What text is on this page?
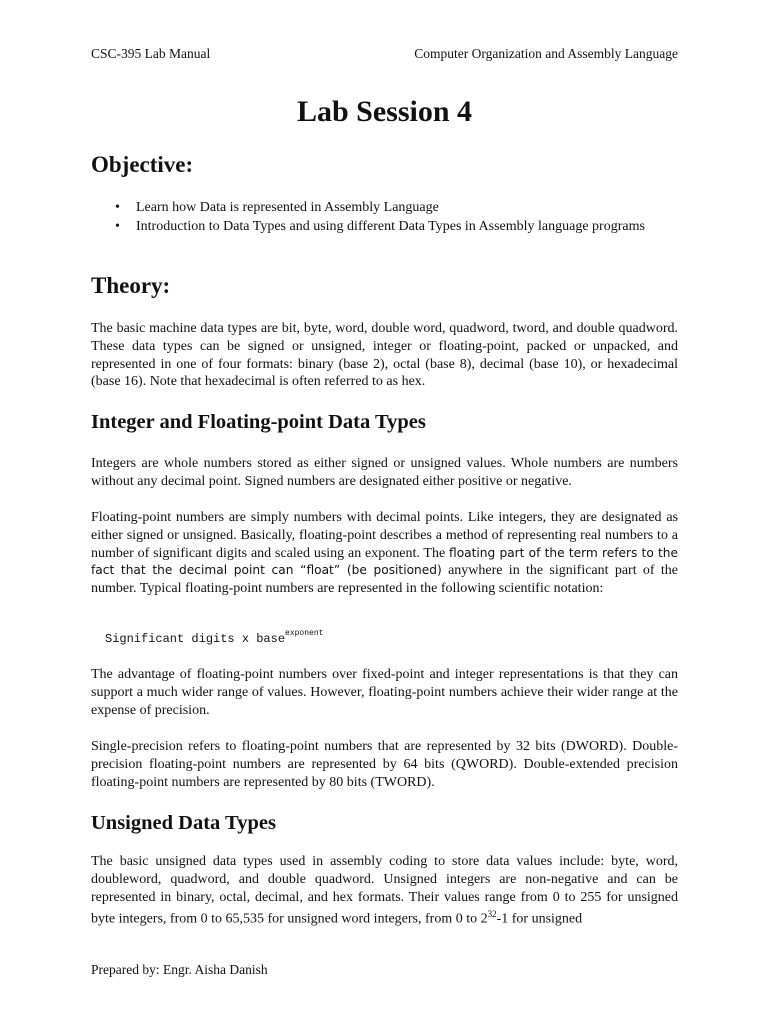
CSC-395 Lab Manual	Computer Organization and Assembly Language
Lab Session 4
Objective:
• Learn how Data is represented in Assembly Language
• Introduction to Data Types and using different Data Types in Assembly language programs
Theory:

The basic machine data types are bit, byte, word, double word, quadword, tword, and double quadword. These data types can be signed or unsigned, integer or floating-point, packed or unpacked, and represented in one of four formats: binary (base 2), octal (base 8), decimal (base 10), or hexadecimal (base 16). Note that hexadecimal is often referred to as hex.

Integer and Floating-point Data Types

Integers are whole numbers stored as either signed or unsigned values. Whole numbers are numbers without any decimal point. Signed numbers are designated either positive or negative.

Floating-point numbers are simply numbers with decimal points. Like integers, they are designated as either signed or unsigned. Basically, floating-point describes a method of representing real numbers to a number of significant digits and scaled using an exponent. The floating part of the term refers to the fact that the decimal point can “float” (be positioned) anywhere in the significant part of the number. Typical floating-point numbers are represented in the following scientific notation:

Significant digits x base$^{exponent}$

The advantage of floating-point numbers over fixed-point and integer representations is that they can support a much wider range of values. However, floating-point numbers achieve their wider range at the expense of precision.

Single-precision refers to floating-point numbers that are represented by 32 bits (DWORD). Double-precision floating-point numbers are represented by 64 bits (QWORD). Double-extended precision floating-point numbers are represented by 80 bits (TWORD).

Unsigned Data Types

The basic unsigned data types used in assembly coding to store data values include: byte, word, doubleword, quadword, and double quadword. Unsigned integers are non-negative and can be represented in binary, octal, decimal, and hex formats. Their values range from 0 to 255 for unsigned byte integers, from 0 to 65,535 for unsigned word integers, from 0 to $2^{32}-1$ for unsigned

Prepared by: Engr. Aisha Danish
